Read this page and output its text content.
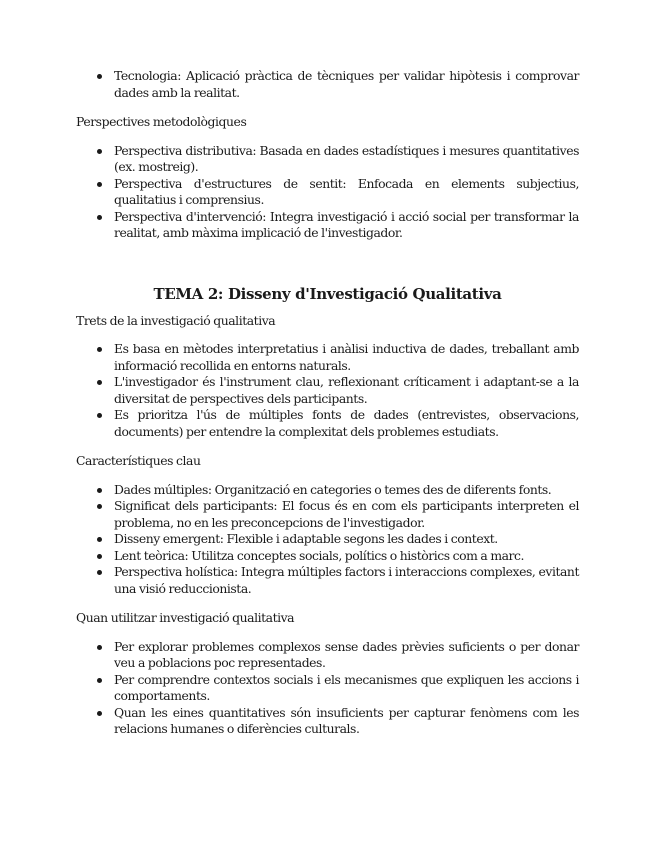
Tecnologia: Aplicació pràctica de tècniques per validar hipòtesis i comprovar dades amb la realitat.
Perspectives metodològiques
Perspectiva distributiva: Basada en dades estadístiques i mesures quantitatives (ex. mostreig).
Perspectiva d'estructures de sentit: Enfocada en elements subjectius, qualitatius i comprensius.
Perspectiva d'intervenció: Integra investigació i acció social per transformar la realitat, amb màxima implicació de l'investigador.
TEMA 2: Disseny d'Investigació Qualitativa
Trets de la investigació qualitativa
Es basa en mètodes interpretatius i anàlisi inductiva de dades, treballant amb informació recollida en entorns naturals.
L'investigador és l'instrument clau, reflexionant críticament i adaptant-se a la diversitat de perspectives dels participants.
Es prioritza l'ús de múltiples fonts de dades (entrevistes, observacions, documents) per entendre la complexitat dels problemes estudiats.
Característiques clau
Dades múltiples: Organització en categories o temes des de diferents fonts.
Significat dels participants: El focus és en com els participants interpreten el problema, no en les preconcepcions de l'investigador.
Disseny emergent: Flexible i adaptable segons les dades i context.
Lent teòrica: Utilitza conceptes socials, polítics o històrics com a marc.
Perspectiva holística: Integra múltiples factors i interaccions complexes, evitant una visió reduccionista.
Quan utilitzar investigació qualitativa
Per explorar problemes complexos sense dades prèvies suficients o per donar veu a poblacions poc representades.
Per comprendre contextos socials i els mecanismes que expliquen les accions i comportaments.
Quan les eines quantitatives són insuficients per capturar fenòmens com les relacions humanes o diferències culturals.
